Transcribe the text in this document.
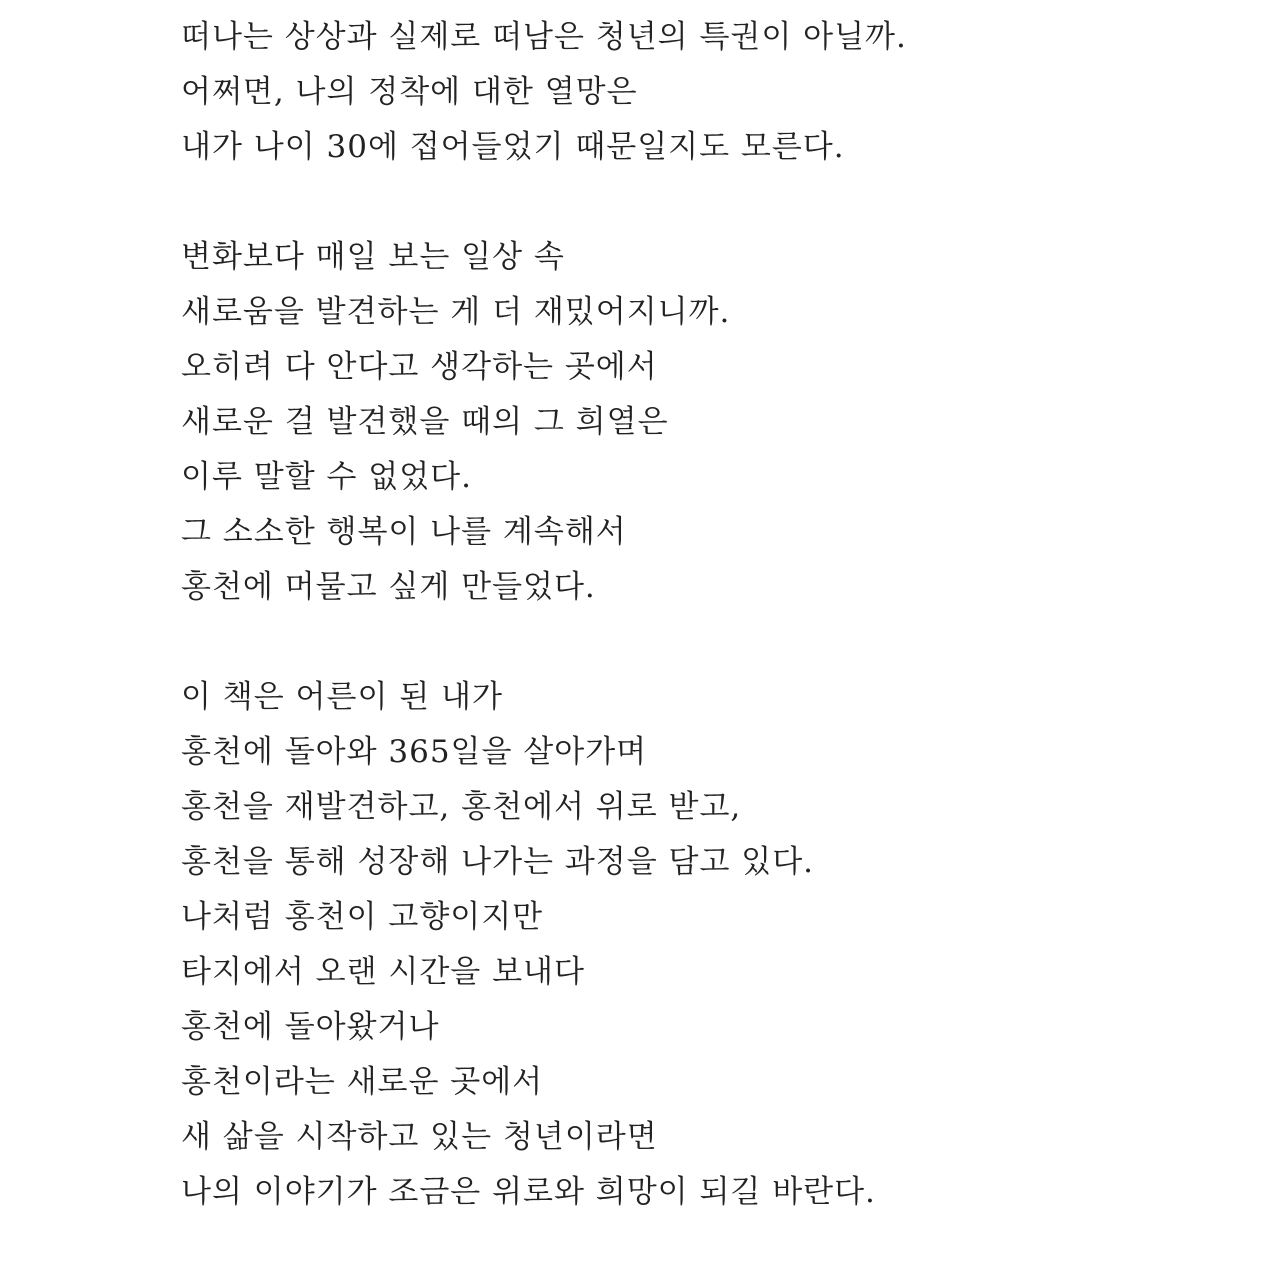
떠나는 상상과 실제로 떠남은 청년의 특권이 아닐까.
어쩌면, 나의 정착에 대한 열망은
내가 나이 30에 접어들었기 때문일지도 모른다.

변화보다 매일 보는 일상 속
새로움을 발견하는 게 더 재밌어지니까.
오히려 다 안다고 생각하는 곳에서
새로운 걸 발견했을 때의 그 희열은
이루 말할 수 없었다.
그 소소한 행복이 나를 계속해서
홍천에 머물고 싶게 만들었다.

이 책은 어른이 된 내가
홍천에 돌아와 365일을 살아가며
홍천을 재발견하고, 홍천에서 위로 받고,
홍천을 통해 성장해 나가는 과정을 담고 있다.
나처럼 홍천이 고향이지만
타지에서 오랜 시간을 보내다
홍천에 돌아왔거나
홍천이라는 새로운 곳에서
새 삶을 시작하고 있는 청년이라면
나의 이야기가 조금은 위로와 희망이 되길 바란다.
